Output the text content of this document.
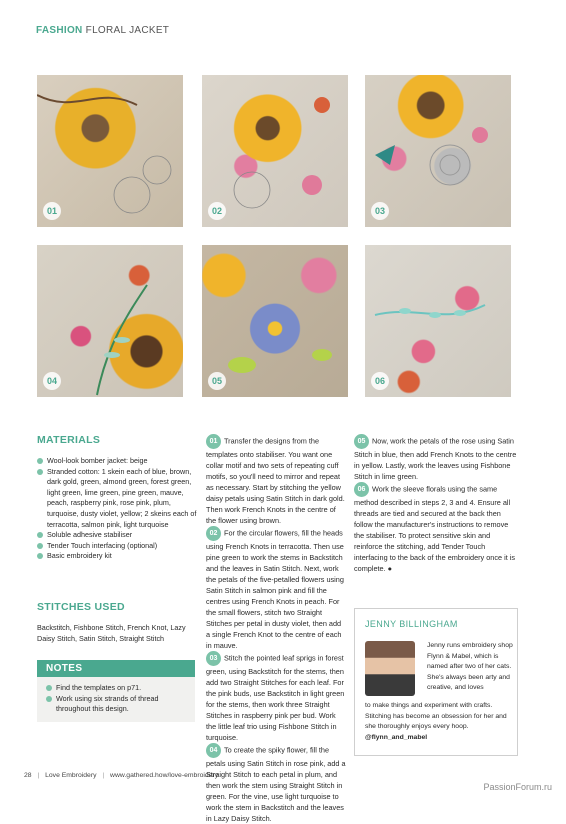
FASHION FLORAL JACKET
01	02	03
04	05	06
MATERIALS
Wool-look bomber jacket: beige
Stranded cotton: 1 skein each of blue, brown, dark gold, green, almond green, forest green, light green, lime green, pine green, mauve, peach, raspberry pink, rose pink, plum, turquoise, dusty violet, yellow; 2 skeins each of terracotta, salmon pink, light turquoise
Soluble adhesive stabiliser
Tender Touch interfacing (optional)
Basic embroidery kit
STITCHES USED
Backstitch, Fishbone Stitch, French Knot, Lazy Daisy Stitch, Satin Stitch, Straight Stitch
NOTES
Find the templates on p71.
Work using six strands of thread throughout this design.

01 Transfer the designs from the templates onto stabiliser. You want one collar motif and two sets of repeating cuff motifs, so you'll need to mirror and repeat as necessary. Start by stitching the yellow daisy petals using Satin Stitch in dark gold. Then work French Knots in the centre of the flower using brown.

02 For the circular flowers, fill the heads using French Knots in terracotta. Then use pine green to work the stems in Backstitch and the leaves in Satin Stitch. Next, work the petals of the five-petalled flowers using Satin Stitch in salmon pink and fill the centres using French Knots in peach. For the small flowers, stitch two Straight Stitches per petal in dusty violet, then add a single French Knot to the centre of each in mauve.

03 Stitch the pointed leaf sprigs in forest green, using Backstitch for the stems, then add two Straight Stitches for each leaf. For the pink buds, use Backstitch in light green for the stems, then work three Straight Stitches in raspberry pink per bud. Work the little leaf trio using Fishbone Stitch in turquoise.

04 To create the spiky flower, fill the petals using Satin Stitch in rose pink, add a Straight Stitch to each petal in plum, and then work the stem using Straight Stitch in green. For the vine, use light turquoise to work the stem in Backstitch and the leaves in Lazy Daisy Stitch.

05 Now, work the petals of the rose using Satin Stitch in blue, then add French Knots to the centre in yellow. Lastly, work the leaves using Fishbone Stitch in lime green.

06 Work the sleeve florals using the same method described in steps 2, 3 and 4. Ensure all threads are tied and secured at the back then follow the manufacturer's instructions to remove the stabiliser. To protect sensitive skin and reinforce the stitching, add Tender Touch interfacing to the back of the embroidery once it is complete. ●

JENNY BILLINGHAM
Jenny runs embroidery shop Flynn & Mabel, which is named after two of her cats. She's always been arty and creative, and loves
to make things and experiment with crafts. Stitching has become an obsession for her and she thoroughly enjoys every hoop.
@flynn_and_mabel
28 | Love Embroidery | www.gathered.how/love-embroidery
PassionForum.ru
